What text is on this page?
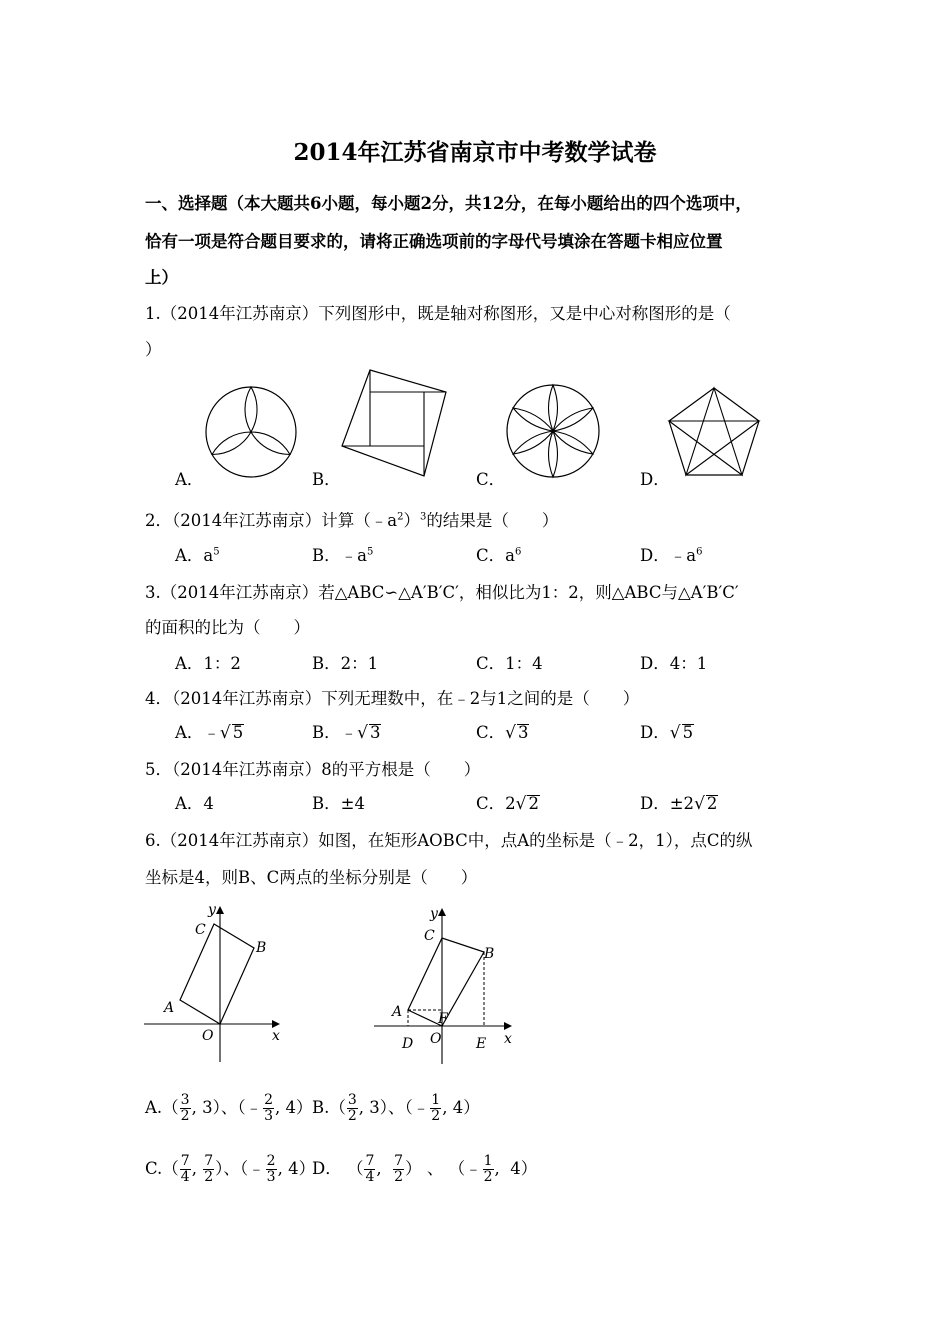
2014年江苏省南京市中考数学试卷
一、选择题（本大题共6小题，每小题2分，共12分，在每小题给出的四个选项中，
恰有一项是符合题目要求的，请将正确选项前的字母代号填涂在答题卡相应位置
上）
1.（2014年江苏南京）下列图形中，既是轴对称图形，又是中心对称图形的是（
）
A．	B．	C．	D．
2．（2014年江苏南京）计算$(﹣a^2)^3$的结果是（　　）
A．$a^5$	B．$﹣a^5$	C．$a^6$	D．$﹣a^6$
3.（2014年江苏南京）若△ABC∽△A′B′C′，相似比为1：2，则△ABC与△A′B′C′
的面积的比为（　　）
A．1：2	B．2：1	C．1：4	D．4：1
4．（2014年江苏南京）下列无理数中，在﹣2与1之间的是（　　）
A．﹣√ 5	B．﹣√ 3	C．√ 3	D．√ 5
5．（2014年江苏南京）8的平方根是（　　）
A．4	B．±4	C．2√ 2	D．±2√ 2
6.（2014年江苏南京）如图，在矩形AOBC中，点A的坐标是（﹣2，1），点C的纵
坐标是4，则B、C两点的坐标分别是（　　）
y
x
C
B
A
O
y
x
C
B
A
O
F
D	E
$A.( \frac{3}{2}$ , 3）、（﹣ $\frac{2}{3}$ , 4） $B.( \frac{3}{2}$ , 3）、（﹣ $\frac{1}{2}$ , 4）
$C.( \frac{7}{4}$ , $\frac{7}{2}$ ）、（﹣ $\frac{2}{3}$ , 4）
D． （ $\frac{7}{4}$ , $\frac{7}{2}$ ） 、 （﹣ $\frac{1}{2}$ ,  4）
